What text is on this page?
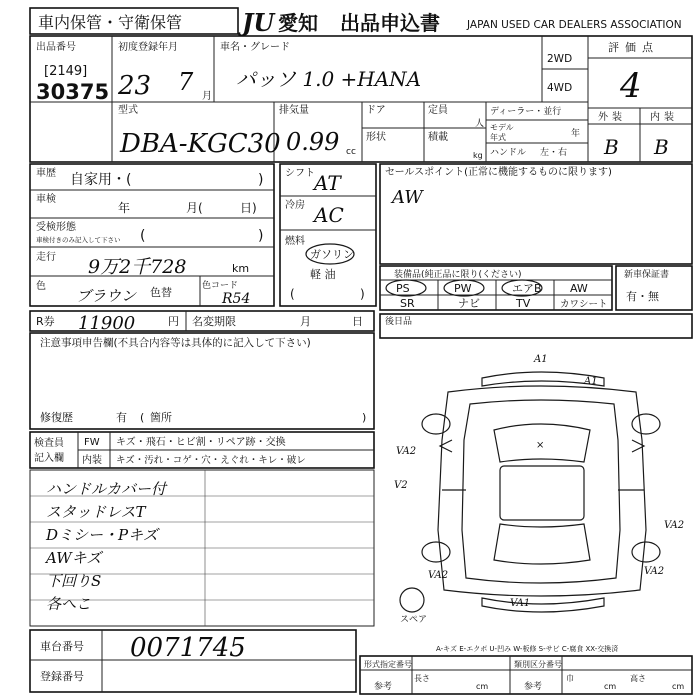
車内保管・守衛保管 JU 愛知 出品申込書	JAPAN USED CAR DEALERS ASSOCIATION
出品番号
[2149]
30375
初度登録年月
23 7
月
車名・グレード
パッソ 1.0 +HANA
2WD
4WD
評価点
4
外装 内装
B B
型式
DBA-KGC30
排気量
0.99 cc
ドア	定員
人
形状	積載
kg
ディーラー・並行
モデル
年式	年
ハンドル 左・右
車歴 自家用・(	)
車検
年	月(	日)
受検形態
車検付きのみ記入して下さい (	)
走行 9万2千728	km
色
ブラウン 色替	色コード
R54
シフト AT
冷房 AC
燃料
ガソリン
軽 油
(	)
セールスポイント(正常に機能するものに限ります)
AW
装備品(純正品に限り(ください)
PS	PW	エアB	AW
SR	ナビ	TV	カワシート
新車保証書
有・無
R券 11900	円 名変期限	月	日 後日品
注意事項申告欄(不具合内容等は具体的に記入して下さい)
修復歴	有 ( 箇所	)
検査員
記入欄
FW キズ・飛石・ヒビ割・リペア跡・交換
内装 キズ・汚れ・コゲ・穴・えぐれ・キレ・破レ
ハンドルカバー付
スタッドレスT
Dミシー・Pキズ
AWキズ
下回りS
各へこ
車台番号 0071745
登録番号
スペア
A1
VA2
V2
VA2
VA2	VA2
VA1
A1
×
A-キズ E-エクボ U-凹み W-板修 S-サビ C-腐食 XX-交換済
形式指定番号	類別区分番号
参考
長さ
cm	参考
巾
cm
高さ
cm
